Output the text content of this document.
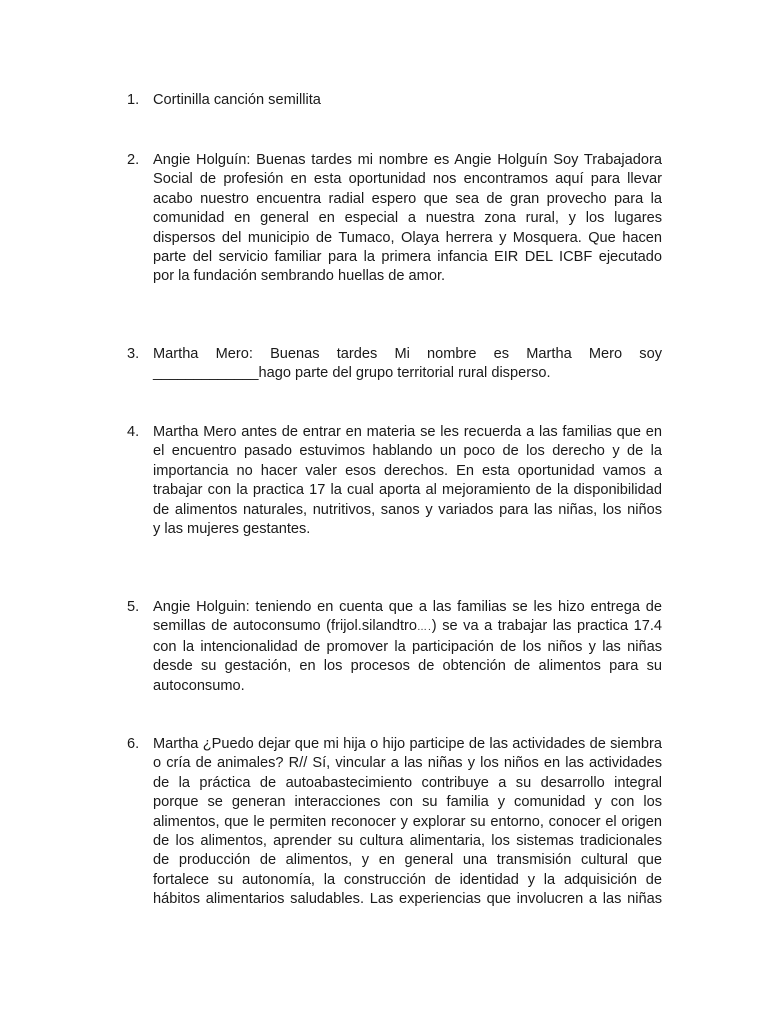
1. Cortinilla canción semillita
2. Angie Holguín: Buenas tardes mi nombre es Angie Holguín Soy Trabajadora
Social de profesión en esta oportunidad nos encontramos aquí para llevar
acabo nuestro encuentra radial espero que sea de gran provecho para la
comunidad en general en especial a nuestra zona rural, y los lugares
dispersos del municipio de Tumaco, Olaya herrera y Mosquera. Que hacen
parte del servicio familiar para la primera infancia EIR DEL ICBF ejecutado
por la fundación sembrando huellas de amor.
3. Martha Mero: Buenas tardes Mi nombre es Martha Mero soy
_____________hago parte del grupo territorial rural disperso.
4. Martha Mero antes de entrar en materia se les recuerda a las familias que en
el encuentro pasado estuvimos hablando un poco de los derecho y de la
importancia no hacer valer esos derechos. En esta oportunidad vamos a
trabajar con la practica 17 la cual aporta al mejoramiento de la disponibilidad
de alimentos naturales, nutritivos, sanos y variados para las niñas, los niños
y las mujeres gestantes.
5. Angie Holguin: teniendo en cuenta que a las familias se les hizo entrega de
semillas de autoconsumo (frijol.silandtro….) se va a trabajar las practica 17.4
con la intencionalidad de promover la participación de los niños y las niñas
desde su gestación, en los procesos de obtención de alimentos para su
autoconsumo.
6. Martha ¿Puedo dejar que mi hija o hijo participe de las actividades de siembra
o cría de animales? R// Sí, vincular a las niñas y los niños en las actividades
de la práctica de autoabastecimiento contribuye a su desarrollo integral
porque se generan interacciones con su familia y comunidad y con los
alimentos, que le permiten reconocer y explorar su entorno, conocer el origen
de los alimentos, aprender su cultura alimentaria, los sistemas tradicionales
de producción de alimentos, y en general una transmisión cultural que
fortalece su autonomía, la construcción de identidad y la adquisición de
hábitos alimentarios saludables. Las experiencias que involucren a las niñas
